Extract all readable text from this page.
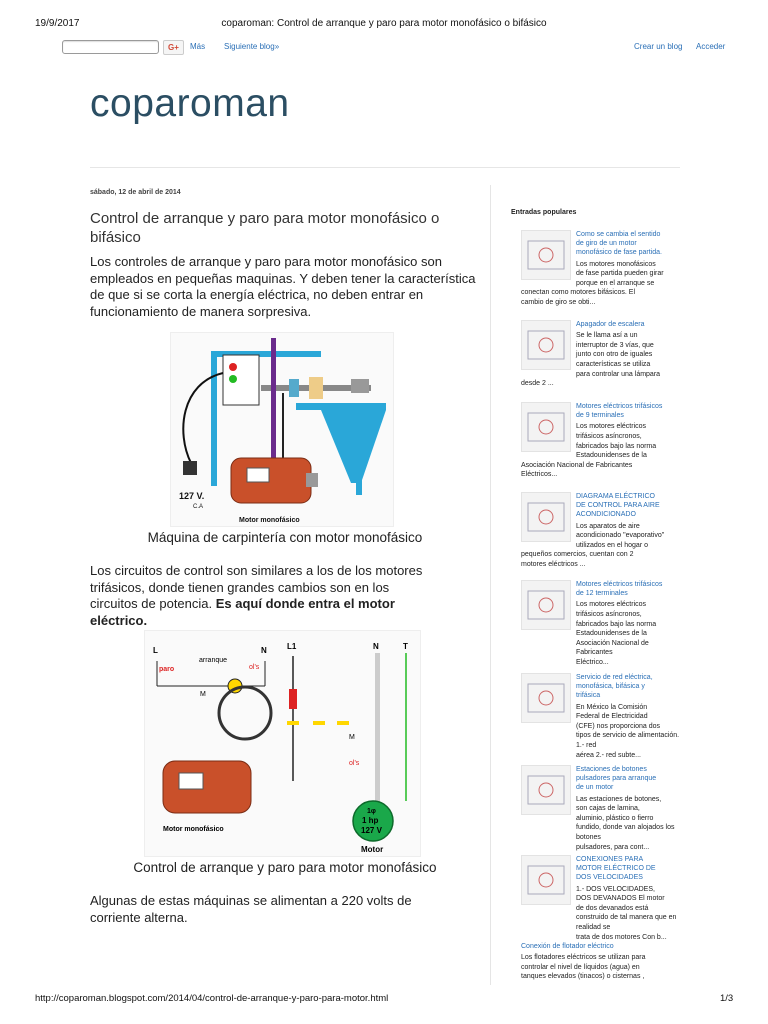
19/9/2017	coparoman: Control de arranque y paro para motor monofásico o bifásico
G+	Más Siguiente blog»	Crear un blog Acceder
coparoman
sábado, 12 de abril de 2014
Control de arranque y paro para motor monofásico o
bifásico
Los controles de arranque y paro para motor monofásico son
empleados en pequeñas maquinas. Y deben tener la característica
de que si se corta la energía eléctrica, no deben entrar en
funcionamiento de manera sorpresiva.
127 V.
C.A
Motor monofásico
Máquina de carpintería con motor monofásico
Los circuitos de control son similares a los de los motores
trifásicos, donde tienen grandes cambios son en los
circuitos de potencia. Es aquí donde entra el motor
eléctrico.
L	N
arranque
paro
M
ol's
L1	N	T
M
ol's
1φ
1 hp
127 V
Motor
Motor monofásico
Control de arranque y paro para motor monofásico
Algunas de estas máquinas se alimentan a 220 volts de
corriente alterna.
Entradas populares
Como se cambia el sentido
de giro de un motor
monofásico de fase partida.
Los motores monofásicos
de fase partida pueden girar
porque en el arranque se
conectan como motores bifásicos. El
cambio de giro se obti...
Apagador de escalera
Se le llama así a un
interruptor de 3 vías, que
junto con otro de iguales
características se utiliza
para controlar una lámpara
desde 2 ...
Motores eléctricos trifásicos
de 9 terminales
Los motores eléctricos
trifásicos asíncronos,
fabricados bajo las norma
Estadounidenses de la
Asociación Nacional de Fabricantes
Eléctricos...
DIAGRAMA ELÉCTRICO
DE CONTROL PARA AIRE
ACONDICIONADO
Los aparatos de aire
acondicionado "evaporativo"
utilizados en el hogar o
pequeños comercios, cuentan con 2
motores eléctricos ...
Motores eléctricos trifásicos
de 12 terminales
Los motores eléctricos
trifásicos asíncronos,
fabricados bajo las norma
Estadounidenses de la
Asociación Nacional de Fabricantes
Eléctrico...
Servicio de red eléctrica,
monofásica, bifásica y
trifásica
En México la Comisión
Federal de Electricidad
(CFE) nos proporciona dos
tipos de servicio de alimentación. 1.- red
aérea 2.- red subte...
Estaciones de botones
pulsadores para arranque
de un motor
Las estaciones de botones,
son cajas de lamina,
aluminio, plástico o fierro
fundido, donde van alojados los botones
pulsadores, para cont...
CONEXIONES PARA
MOTOR ELÉCTRICO DE
DOS VELOCIDADES
1.- DOS VELOCIDADES,
DOS DEVANADOS El motor
de dos devanados está
construido de tal manera que en realidad se
trata de dos motores Con b...
Conexión de flotador eléctrico
Los flotadores eléctricos se utilizan para
controlar el nivel de líquidos (agua) en
tanques elevados (tinacos) o cisternas ,
http://coparoman.blogspot.com/2014/04/control-de-arranque-y-paro-para-motor.html	1/3
